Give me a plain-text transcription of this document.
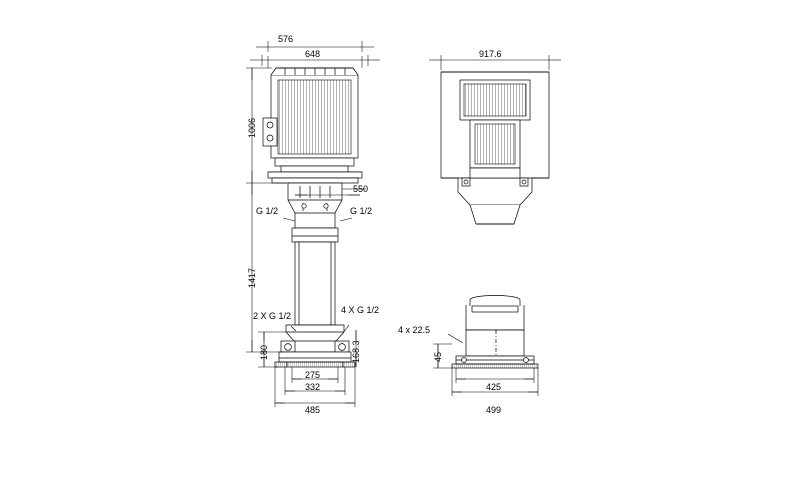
576
648
1006
550
1417
180	168.3
275
332
485
917.6
45
425
499
G 1/2	G 1/2
2 X G 1/2
4 X G 1/2
4 x 22.5
